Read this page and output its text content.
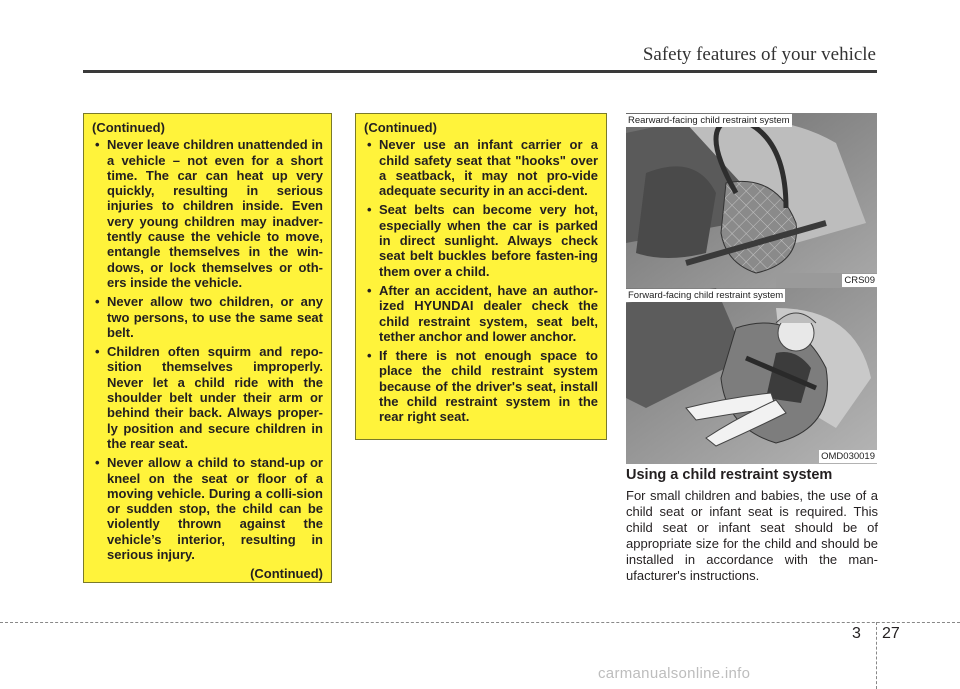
Safety features of your vehicle
(Continued)
• Never leave children unattended in a vehicle – not even for a short time. The car can heat up very quickly, resulting in serious injuries to children inside. Even very young children may inadver-tently cause the vehicle to move, entangle themselves in the win-dows, or lock themselves or oth-ers inside the vehicle.
• Never allow two children, or any two persons, to use the same seat belt.
• Children often squirm and repo-sition themselves improperly. Never let a child ride with the shoulder belt under their arm or behind their back. Always proper-ly position and secure children in the rear seat.
• Never allow a child to stand-up or kneel on the seat or floor of a moving vehicle. During a colli-sion or sudden stop, the child can be violently thrown against the vehicle’s interior, resulting in serious injury.
(Continued)
(Continued)
• Never use an infant carrier or a child safety seat that "hooks" over a seatback, it may not pro-vide adequate security in an acci-dent.
• Seat belts can become very hot, especially when the car is parked in direct sunlight. Always check seat belt buckles before fasten-ing them over a child.
• After an accident, have an author-ized HYUNDAI dealer check the child restraint system, seat belt, tether anchor and lower anchor.
• If there is not enough space to place the child restraint system because of the driver's seat, install the child restraint system in the rear right seat.
Rearward-facing child restraint system
CRS09
Forward-facing child restraint system
OMD030019
Using a child restraint system
For small children and babies, the use of a child seat or infant seat is required. This child seat or infant seat should be of appropriate size for the child and should be installed in accordance with the man-ufacturer's instructions.
3 27
carmanualsonline.info
